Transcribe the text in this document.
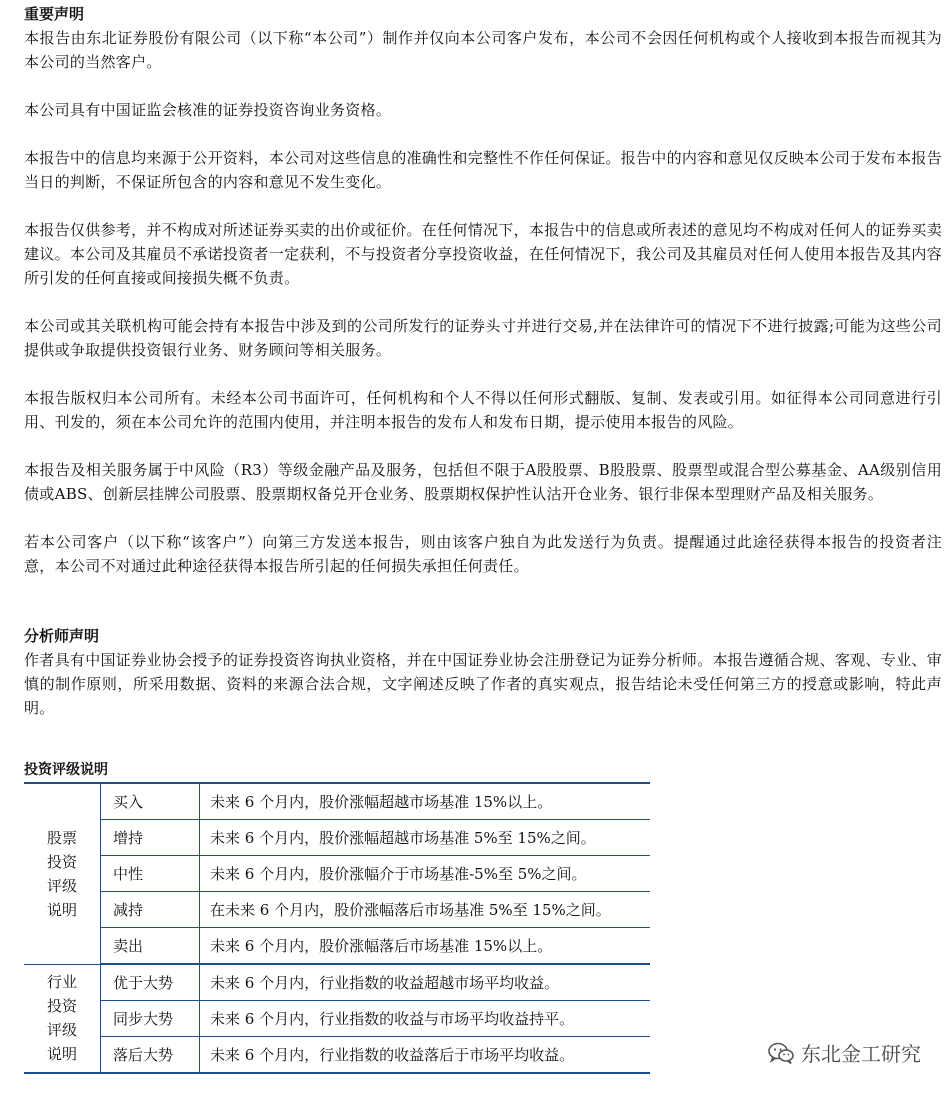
重要声明

本报告由东北证券股份有限公司（以下称“本公司”）制作并仅向本公司客户发布，本公司不会因任何机构或个人接收到本报告而视其为本公司的当然客户。

本公司具有中国证监会核准的证券投资咨询业务资格。

本报告中的信息均来源于公开资料，本公司对这些信息的准确性和完整性不作任何保证。报告中的内容和意见仅反映本公司于发布本报告当日的判断，不保证所包含的内容和意见不发生变化。

本报告仅供参考，并不构成对所述证券买卖的出价或征价。在任何情况下，本报告中的信息或所表述的意见均不构成对任何人的证券买卖建议。本公司及其雇员不承诺投资者一定获利，不与投资者分享投资收益，在任何情况下，我公司及其雇员对任何人使用本报告及其内容所引发的任何直接或间接损失概不负责。

本公司或其关联机构可能会持有本报告中涉及到的公司所发行的证券头寸并进行交易,并在法律许可的情况下不进行披露;可能为这些公司提供或争取提供投资银行业务、财务顾问等相关服务。

本报告版权归本公司所有。未经本公司书面许可，任何机构和个人不得以任何形式翻版、复制、发表或引用。如征得本公司同意进行引用、刊发的，须在本公司允许的范围内使用，并注明本报告的发布人和发布日期，提示使用本报告的风险。

本报告及相关服务属于中风险（R3）等级金融产品及服务，包括但不限于A股股票、B股股票、股票型或混合型公募基金、AA级别信用债或ABS、创新层挂牌公司股票、股票期权备兑开仓业务、股票期权保护性认沽开仓业务、银行非保本型理财产品及相关服务。

若本公司客户（以下称“该客户”）向第三方发送本报告，则由该客户独自为此发送行为负责。提醒通过此途径获得本报告的投资者注意，本公司不对通过此种途径获得本报告所引起的任何损失承担任何责任。

分析师声明

作者具有中国证券业协会授予的证券投资咨询执业资格，并在中国证券业协会注册登记为证券分析师。本报告遵循合规、客观、专业、审慎的制作原则，所采用数据、资料的来源合法合规，文字阐述反映了作者的真实观点，报告结论未受任何第三方的授意或影响，特此声明。

投资评级说明
股票
投资
评级
说明	买入	未来 6 个月内，股价涨幅超越市场基准 15%以上。
	增持	未来 6 个月内，股价涨幅超越市场基准 5%至 15%之间。
	中性	未来 6 个月内，股价涨幅介于市场基准-5%至 5%之间。
	减持	在未来 6 个月内，股价涨幅落后市场基准 5%至 15%之间。
	卖出	未来 6 个月内，股价涨幅落后市场基准 15%以上。

行业
投资
评级
说明	优于大势	未来 6 个月内，行业指数的收益超越市场平均收益。
	同步大势	未来 6 个月内，行业指数的收益与市场平均收益持平。
	落后大势	未来 6 个月内，行业指数的收益落后于市场平均收益。	东北金工研究
